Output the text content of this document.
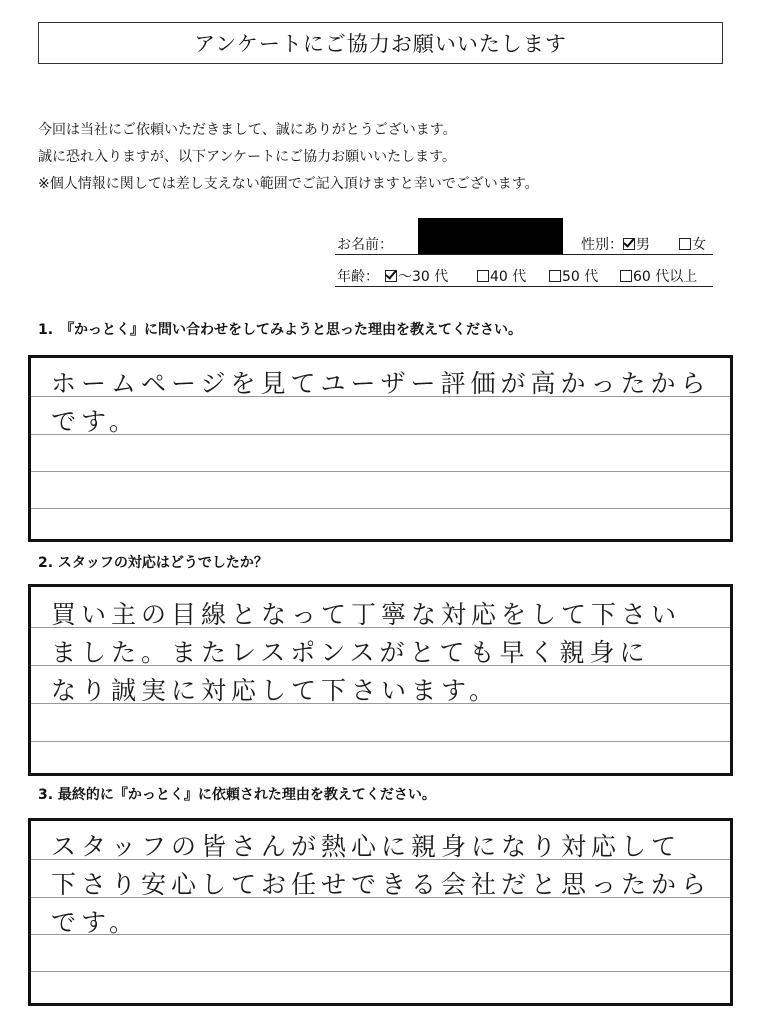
アンケートにご協力お願いいたします
今回は当社にご依頼いただきまして、誠にありがとうございます。
誠に恐れ入りますが、以下アンケートにご協力お願いいたします。
※個人情報に関しては差し支えない範囲でご記入頂けますと幸いでございます。
お名前：	性別： 男	女
年齢：	～30 代	40 代	50 代	60 代以上
1.　『かっとく』に問い合わせをしてみようと思った理由を教えてください。
ホームページを見てユーザー評価が高かったから
です。
2. スタッフの対応はどうでしたか？
買い主の目線となって丁寧な対応をして下さい
ました。またレスポンスがとても早く親身に
なり誠実に対応して下さいます。
3. 最終的に『かっとく』に依頼された理由を教えてください。
スタッフの皆さんが熱心に親身になり対応して
下さり安心してお任せできる会社だと思ったから
です。
